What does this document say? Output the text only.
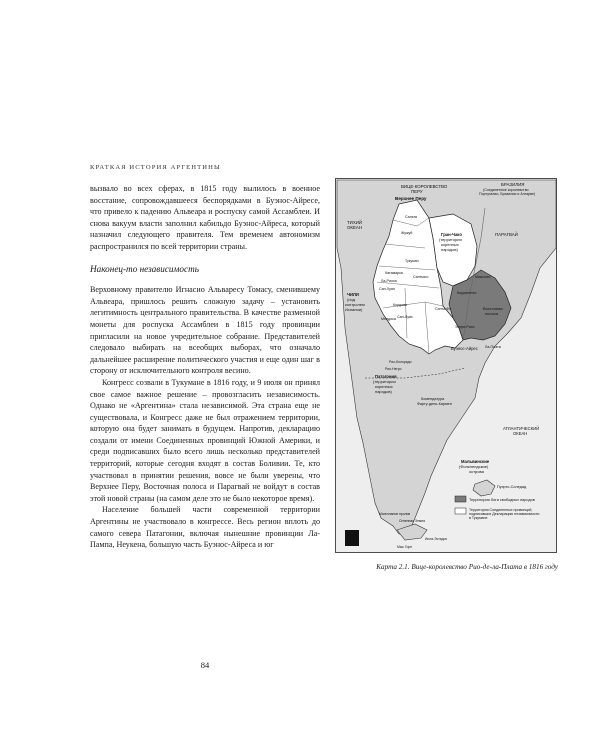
КРАТКАЯ ИСТОРИЯ АРГЕНТИНЫ

вызвало во всех сферах, в 1815 году вылилось в военное восстание, сопровождавшееся беспорядками в Буэнос-Айресе, что привело к падению Альвеара и роспуску самой Ассамблеи. И снова вакуум власти заполнил кабильдо Буэнос-Айреса, который назначил следующего правителя. Тем временем автономизм распространился по всей территории страны.

Наконец-то независимость

Верховному правителю Игнасио Альвaресу Томасу, сменившему Альвеара, пришлось решить сложную задачу – установить легитимность центрального правительства. В качестве разменной монеты для роспуска Ассамблеи в 1815 году провинции пригласили на новое учредительное собрание. Представителей следовало выбирать на всеобщих выборах, что означало дальнейшее расширение политического участия и еще один шаг в сторону от исключительного контроля весинo.

Конгресс созвали в Тукумане в 1816 году, и 9 июля он принял свое самое важное решение – провозгласить независимость. Однако не «Аргентина» стала независимой. Эта страна еще не существовала, и Конгресс даже не был отражением территории, которую она будет занимать в будущем. Напротив, декларацию создали от имени Соединенных провинций Южной Америки, и среди подписавших было всего лишь несколько представителей территорий, которые сегодня входят в состав Боливии. Те, кто участвовал в принятии решения, вовсе не были уверены, что Верхнее Перу, Восточная полоса и Парагвай не войдут в состав этой новой страны (на самом деле это не было некоторое время).

Население большей части современной территории Аргентины не участвовало в конгрессе. Весь регион вплоть до самого севера Патагонии, включая нынешние провинции Ла-Пампа, Неукена, большую часть Буэнос-Айреса и юг

84
ВИЦЕ-КОРОЛЕВСТВО
ПЕРУ
БРАЗИЛИЯ
(Соединенное королевство
Португалии, Бразилии и Алгарве)
Верхнее Перу
ТИХИЙ
ОКЕАН
Гран-Чако
(территория
коренных
народов)
ПАРАГВАЙ
ЧИЛИ
(под
контролем
Испании)	Восточная
полоса
Буэнос-Айрес
Патагония
(территория
коренных
народов)
Комендатура
Фарту-дель-Кармен
АТЛАНТИЧЕСКИЙ
ОКЕАН
Мальвинские
(Фолклендские)
острова
Пуэрто-Соледад
Кордова
Мендоса Сан-Луис
Сан-Хуан
Тукуман
Сальта
Жужуй
Санта-Фе
Корриентес
Энтре-Риос
Мисьонес
Катамарка
Ла-Риоха
Сантьяго
Ла-Плата
Рио-Колорадо
Рио-Негро
Магелланов пролив
Огненная Земля
Исла-Эстадос
Мыс Горн
Территория Лиги свободных народов
Территория Соединенных провинций,
подписавших Декларацию независимости
в Тукумане
N
Карта 2.1. Вице-королевство Рио-де-ла-Плата в 1816 году
